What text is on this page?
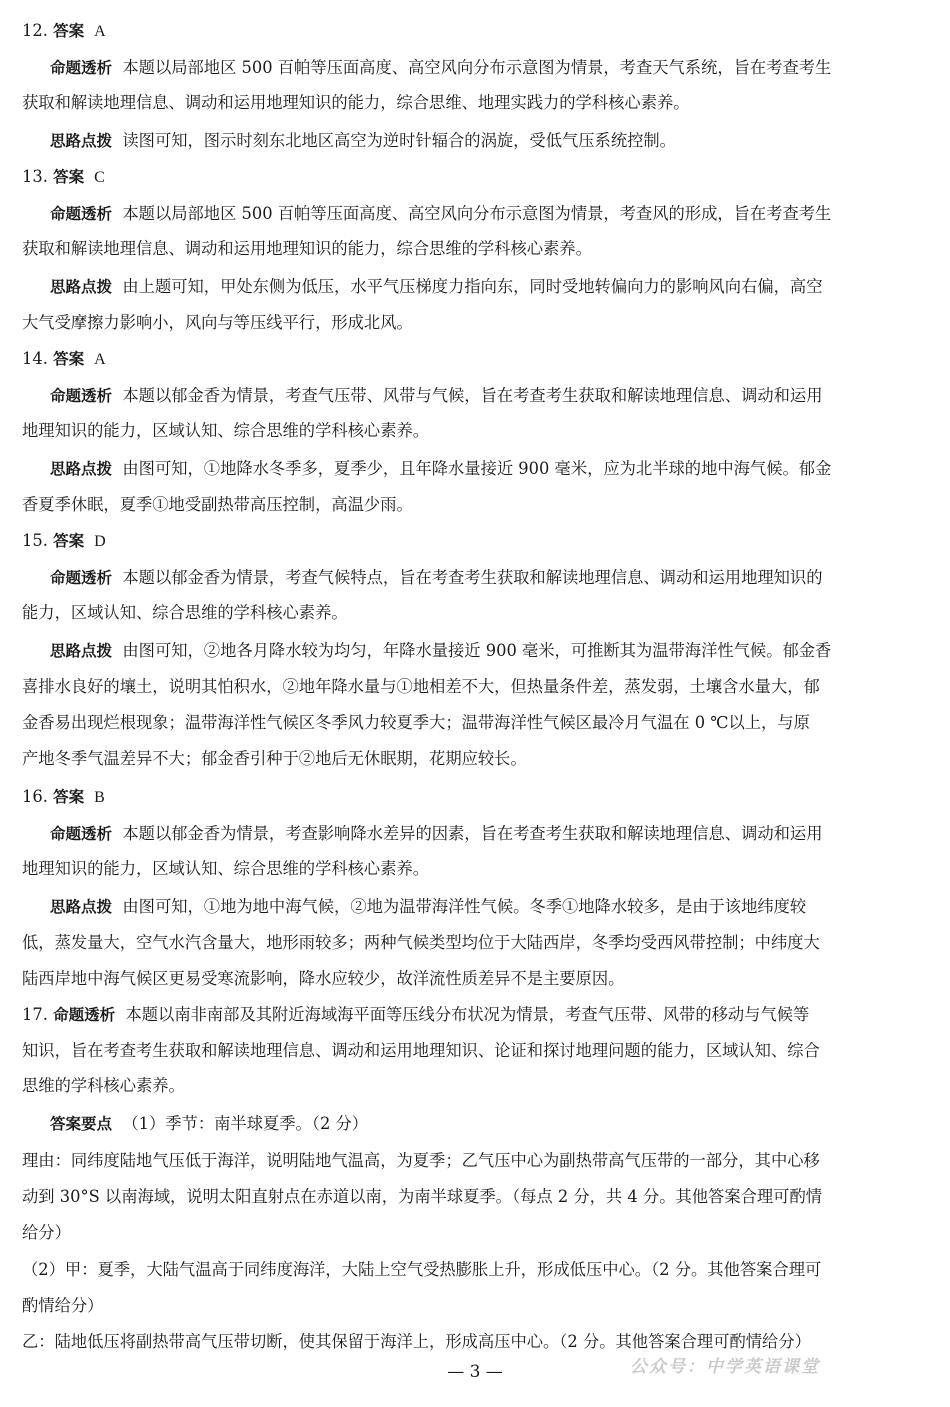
12. 答案 A
命题透析 本题以局部地区 500 百帕等压面高度、高空风向分布示意图为情景，考查天气系统，旨在考查考生
获取和解读地理信息、调动和运用地理知识的能力，综合思维、地理实践力的学科核心素养。
思路点拨 读图可知，图示时刻东北地区高空为逆时针辐合的涡旋，受低气压系统控制。
13. 答案 C
命题透析 本题以局部地区 500 百帕等压面高度、高空风向分布示意图为情景，考查风的形成，旨在考查考生
获取和解读地理信息、调动和运用地理知识的能力，综合思维的学科核心素养。
思路点拨 由上题可知，甲处东侧为低压，水平气压梯度力指向东，同时受地转偏向力的影响风向右偏，高空
大气受摩擦力影响小，风向与等压线平行，形成北风。
14. 答案 A
命题透析 本题以郁金香为情景，考查气压带、风带与气候，旨在考查考生获取和解读地理信息、调动和运用
地理知识的能力，区域认知、综合思维的学科核心素养。
思路点拨 由图可知，①地降水冬季多，夏季少，且年降水量接近 900 毫米，应为北半球的地中海气候。郁金
香夏季休眠，夏季①地受副热带高压控制，高温少雨。
15. 答案 D
命题透析 本题以郁金香为情景，考查气候特点，旨在考查考生获取和解读地理信息、调动和运用地理知识的
能力，区域认知、综合思维的学科核心素养。
思路点拨 由图可知，②地各月降水较为均匀，年降水量接近 900 毫米，可推断其为温带海洋性气候。郁金香
喜排水良好的壤土，说明其怕积水，②地年降水量与①地相差不大，但热量条件差，蒸发弱，土壤含水量大，郁
金香易出现烂根现象；温带海洋性气候区冬季风力较夏季大；温带海洋性气候区最冷月气温在 0 ℃以上，与原
产地冬季气温差异不大；郁金香引种于②地后无休眠期，花期应较长。
16. 答案 B
命题透析 本题以郁金香为情景，考查影响降水差异的因素，旨在考查考生获取和解读地理信息、调动和运用
地理知识的能力，区域认知、综合思维的学科核心素养。
思路点拨 由图可知，①地为地中海气候，②地为温带海洋性气候。冬季①地降水较多，是由于该地纬度较
低，蒸发量大，空气水汽含量大，地形雨较多；两种气候类型均位于大陆西岸，冬季均受西风带控制；中纬度大
陆西岸地中海气候区更易受寒流影响，降水应较少，故洋流性质差异不是主要原因。
17. 命题透析 本题以南非南部及其附近海域海平面等压线分布状况为情景，考查气压带、风带的移动与气候等
知识，旨在考查考生获取和解读地理信息、调动和运用地理知识、论证和探讨地理问题的能力，区域认知、综合
思维的学科核心素养。
答案要点 （1）季节：南半球夏季。（2 分）
理由：同纬度陆地气压低于海洋，说明陆地气温高，为夏季；乙气压中心为副热带高气压带的一部分，其中心移
动到 30°S 以南海域，说明太阳直射点在赤道以南，为南半球夏季。（每点 2 分，共 4 分。其他答案合理可酌情
给分）
（2）甲：夏季，大陆气温高于同纬度海洋，大陆上空气受热膨胀上升，形成低压中心。（2 分。其他答案合理可
酌情给分）
乙：陆地低压将副热带高气压带切断，使其保留于海洋上，形成高压中心。（2 分。其他答案合理可酌情给分）
— 3 —	公众号：中学英语课堂
